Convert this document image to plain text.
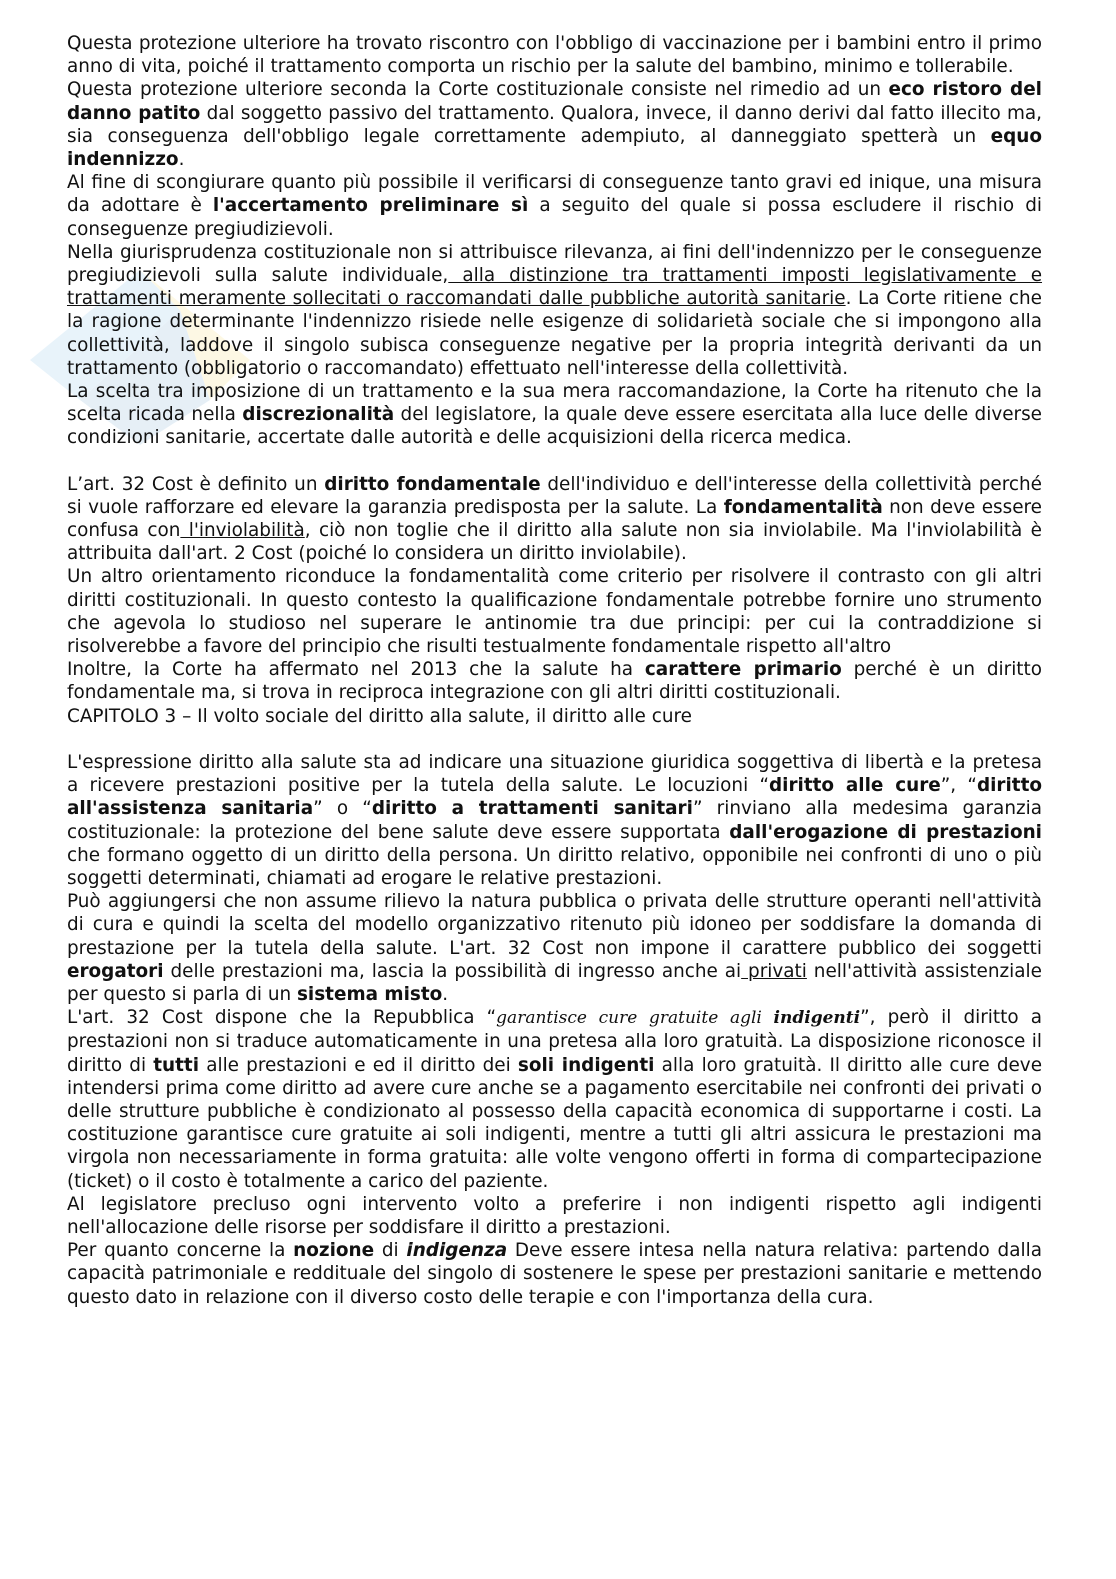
Questa protezione ulteriore ha trovato riscontro con l'obbligo di vaccinazione per i bambini entro il primo anno di vita, poiché il trattamento comporta un rischio per la salute del bambino, minimo e tollerabile.

Questa protezione ulteriore seconda la Corte costituzionale consiste nel rimedio ad un eco ristoro del danno patito dal soggetto passivo del trattamento. Qualora, invece, il danno derivi dal fatto illecito ma, sia conseguenza dell'obbligo legale correttamente adempiuto, al danneggiato spetterà un equo indennizzo.

Al fine di scongiurare quanto più possibile il verificarsi di conseguenze tanto gravi ed inique, una misura da adottare è l'accertamento preliminare sì a seguito del quale si possa escludere il rischio di conseguenze pregiudizievoli.

Nella giurisprudenza costituzionale non si attribuisce rilevanza, ai fini dell'indennizzo per le conseguenze pregiudizievoli sulla salute individuale, alla distinzione tra trattamenti imposti legislativamente e trattamenti meramente sollecitati o raccomandati dalle pubbliche autorità sanitarie. La Corte ritiene che la ragione determinante l'indennizzo risiede nelle esigenze di solidarietà sociale che si impongono alla collettività, laddove il singolo subisca conseguenze negative per la propria integrità derivanti da un trattamento (obbligatorio o raccomandato) effettuato nell'interesse della collettività.

La scelta tra imposizione di un trattamento e la sua mera raccomandazione, la Corte ha ritenuto che la scelta ricada nella discrezionalità del legislatore, la quale deve essere esercitata alla luce delle diverse condizioni sanitarie, accertate dalle autorità e delle acquisizioni della ricerca medica.

L’art. 32 Cost è definito un diritto fondamentale dell'individuo e dell'interesse della collettività perché si vuole rafforzare ed elevare la garanzia predisposta per la salute. La fondamentalità non deve essere confusa con l'inviolabilità, ciò non toglie che il diritto alla salute non sia inviolabile. Ma l'inviolabilità è attribuita dall'art. 2 Cost (poiché lo considera un diritto inviolabile).

Un altro orientamento riconduce la fondamentalità come criterio per risolvere il contrasto con gli altri diritti costituzionali. In questo contesto la qualificazione fondamentale potrebbe fornire uno strumento che agevola lo studioso nel superare le antinomie tra due principi: per cui la contraddizione si risolverebbe a favore del principio che risulti testualmente fondamentale rispetto all'altro

Inoltre, la Corte ha affermato nel 2013 che la salute ha carattere primario perché è un diritto fondamentale ma, si trova in reciproca integrazione con gli altri diritti costituzionali.

CAPITOLO 3 – Il volto sociale del diritto alla salute, il diritto alle cure

L'espressione diritto alla salute sta ad indicare una situazione giuridica soggettiva di libertà e la pretesa a ricevere prestazioni positive per la tutela della salute. Le locuzioni “diritto alle cure”, “diritto all'assistenza sanitaria” o “diritto a trattamenti sanitari” rinviano alla medesima garanzia costituzionale: la protezione del bene salute deve essere supportata dall'erogazione di prestazioni che formano oggetto di un diritto della persona. Un diritto relativo, opponibile nei confronti di uno o più soggetti determinati, chiamati ad erogare le relative prestazioni.

Può aggiungersi che non assume rilievo la natura pubblica o privata delle strutture operanti nell'attività di cura e quindi la scelta del modello organizzativo ritenuto più idoneo per soddisfare la domanda di prestazione per la tutela della salute. L'art. 32 Cost non impone il carattere pubblico dei soggetti erogatori delle prestazioni ma, lascia la possibilità di ingresso anche ai privati nell'attività assistenziale per questo si parla di un sistema misto.

L'art. 32 Cost dispone che la Repubblica “garantisce cure gratuite agli indigenti”, però il diritto a prestazioni non si traduce automaticamente in una pretesa alla loro gratuità. La disposizione riconosce il diritto di tutti alle prestazioni e ed il diritto dei soli indigenti alla loro gratuità. Il diritto alle cure deve intendersi prima come diritto ad avere cure anche se a pagamento esercitabile nei confronti dei privati o delle strutture pubbliche è condizionato al possesso della capacità economica di supportarne i costi. La costituzione garantisce cure gratuite ai soli indigenti, mentre a tutti gli altri assicura le prestazioni ma virgola non necessariamente in forma gratuita: alle volte vengono offerti in forma di compartecipazione (ticket) o il costo è totalmente a carico del paziente.

Al legislatore precluso ogni intervento volto a preferire i non indigenti rispetto agli indigenti nell'allocazione delle risorse per soddisfare il diritto a prestazioni.

Per quanto concerne la nozione di indigenza Deve essere intesa nella natura relativa: partendo dalla capacità patrimoniale e reddituale del singolo di sostenere le spese per prestazioni sanitarie e mettendo questo dato in relazione con il diverso costo delle terapie e con l'importanza della cura.
